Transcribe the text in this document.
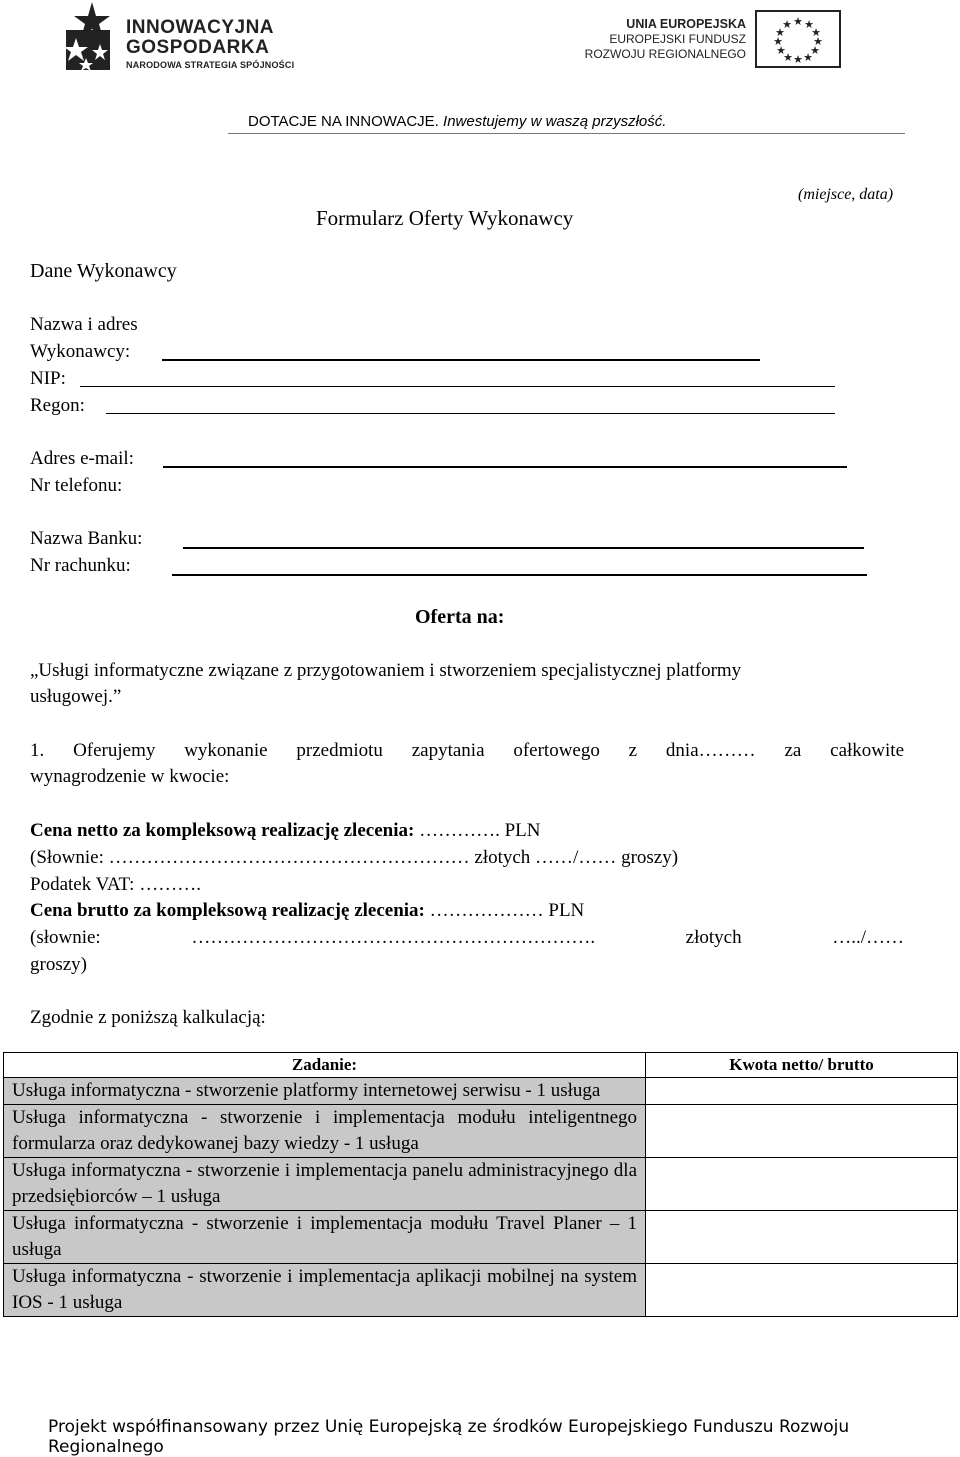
INNOWACYJNA
GOSPODARKA
NARODOWA STRATEGIA SPÓJNOŚCI
UNIA EUROPEJSKA
EUROPEJSKI FUNDUSZ
ROZWOJU REGIONALNEGO
★ ★
★
★
★
★
★
★
★
★
★
★
DOTACJE NA INNOWACJE. Inwestujemy w waszą przyszłość.
(miejsce, data)
Formularz Oferty Wykonawcy
Dane Wykonawcy
Nazwa i adres
Wykonawcy:
NIP:
Regon:
Adres e-mail:
Nr telefonu:
Nazwa Banku:
Nr rachunku:
Oferta na:
„Usługi informatyczne związane z przygotowaniem i stworzeniem specjalistycznej platformy
usługowej.”
1. Oferujemy wykonanie przedmiotu zapytania ofertowego z dnia……… za całkowite
wynagrodzenie w kwocie:
Cena netto za kompleksową realizację zlecenia: …………. PLN
(Słownie: ………………………………………………… złotych ……/…… groszy)
Podatek VAT: ……….
Cena brutto za kompleksową realizację zlecenia: ……………… PLN
(słownie: ………………………………………………………. złotych …../……
groszy)
Zgodnie z poniższą kalkulacją:
Zadanie:	Kwota netto/ brutto
Usługa informatyczna - stworzenie platformy internetowej serwisu - 1 usługa	
Usługa informatyczna - stworzenie i implementacja modułu inteligentnego formularza oraz dedykowanej bazy wiedzy - 1 usługa	
Usługa informatyczna - stworzenie i implementacja panelu administracyjnego dla przedsiębiorców – 1 usługa	
Usługa informatyczna - stworzenie i implementacja modułu Travel Planer – 1 usługa	
Usługa informatyczna - stworzenie i implementacja aplikacji mobilnej na system IOS - 1 usługa	
Projekt współfinansowany przez Unię Europejską ze środków Europejskiego Funduszu Rozwoju Regionalnego
